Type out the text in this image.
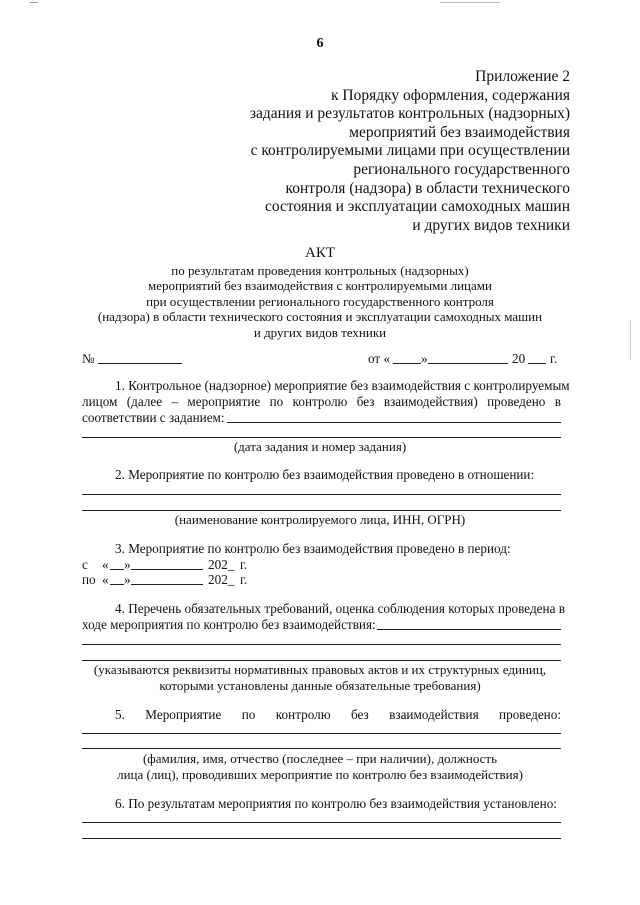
6
Приложение 2
к Порядку оформления, содержания
задания и результатов контрольных (надзорных)
мероприятий без взаимодействия
с контролируемыми лицами при осуществлении
регионального государственного
контроля (надзора) в области технического
состояния и эксплуатации самоходных машин
и других видов техники
АКТ
по результатам проведения контрольных (надзорных)
мероприятий без взаимодействия с контролируемыми лицами
при осуществлении регионального государственного контроля
(надзора) в области технического состояния и эксплуатации самоходных машин
и других видов техники
№	от « »	20 г.
1. Контрольное (надзорное) мероприятие без взаимодействия с контролируемым
лицом (далее – мероприятие по контролю без взаимодействия) проведено в
соответствии с заданием:
(дата задания и номер задания)
2. Мероприятие по контролю без взаимодействия проведено в отношении:
(наименование контролируемого лица, ИНН, ОГРН)
3. Мероприятие по контролю без взаимодействия проведено в период:
с « »	202_ г.
по « »	202_ г.
4. Перечень обязательных требований, оценка соблюдения которых проведена в
ходе мероприятия по контролю без взаимодействия:
(указываются реквизиты нормативных правовых актов и их структурных единиц,
которыми установлены данные обязательные требования)
5. Мероприятие по контролю без взаимодействия проведено:
(фамилия, имя, отчество (последнее – при наличии), должность
лица (лиц), проводивших мероприятие по контролю без взаимодействия)
6. По результатам мероприятия по контролю без взаимодействия установлено:
